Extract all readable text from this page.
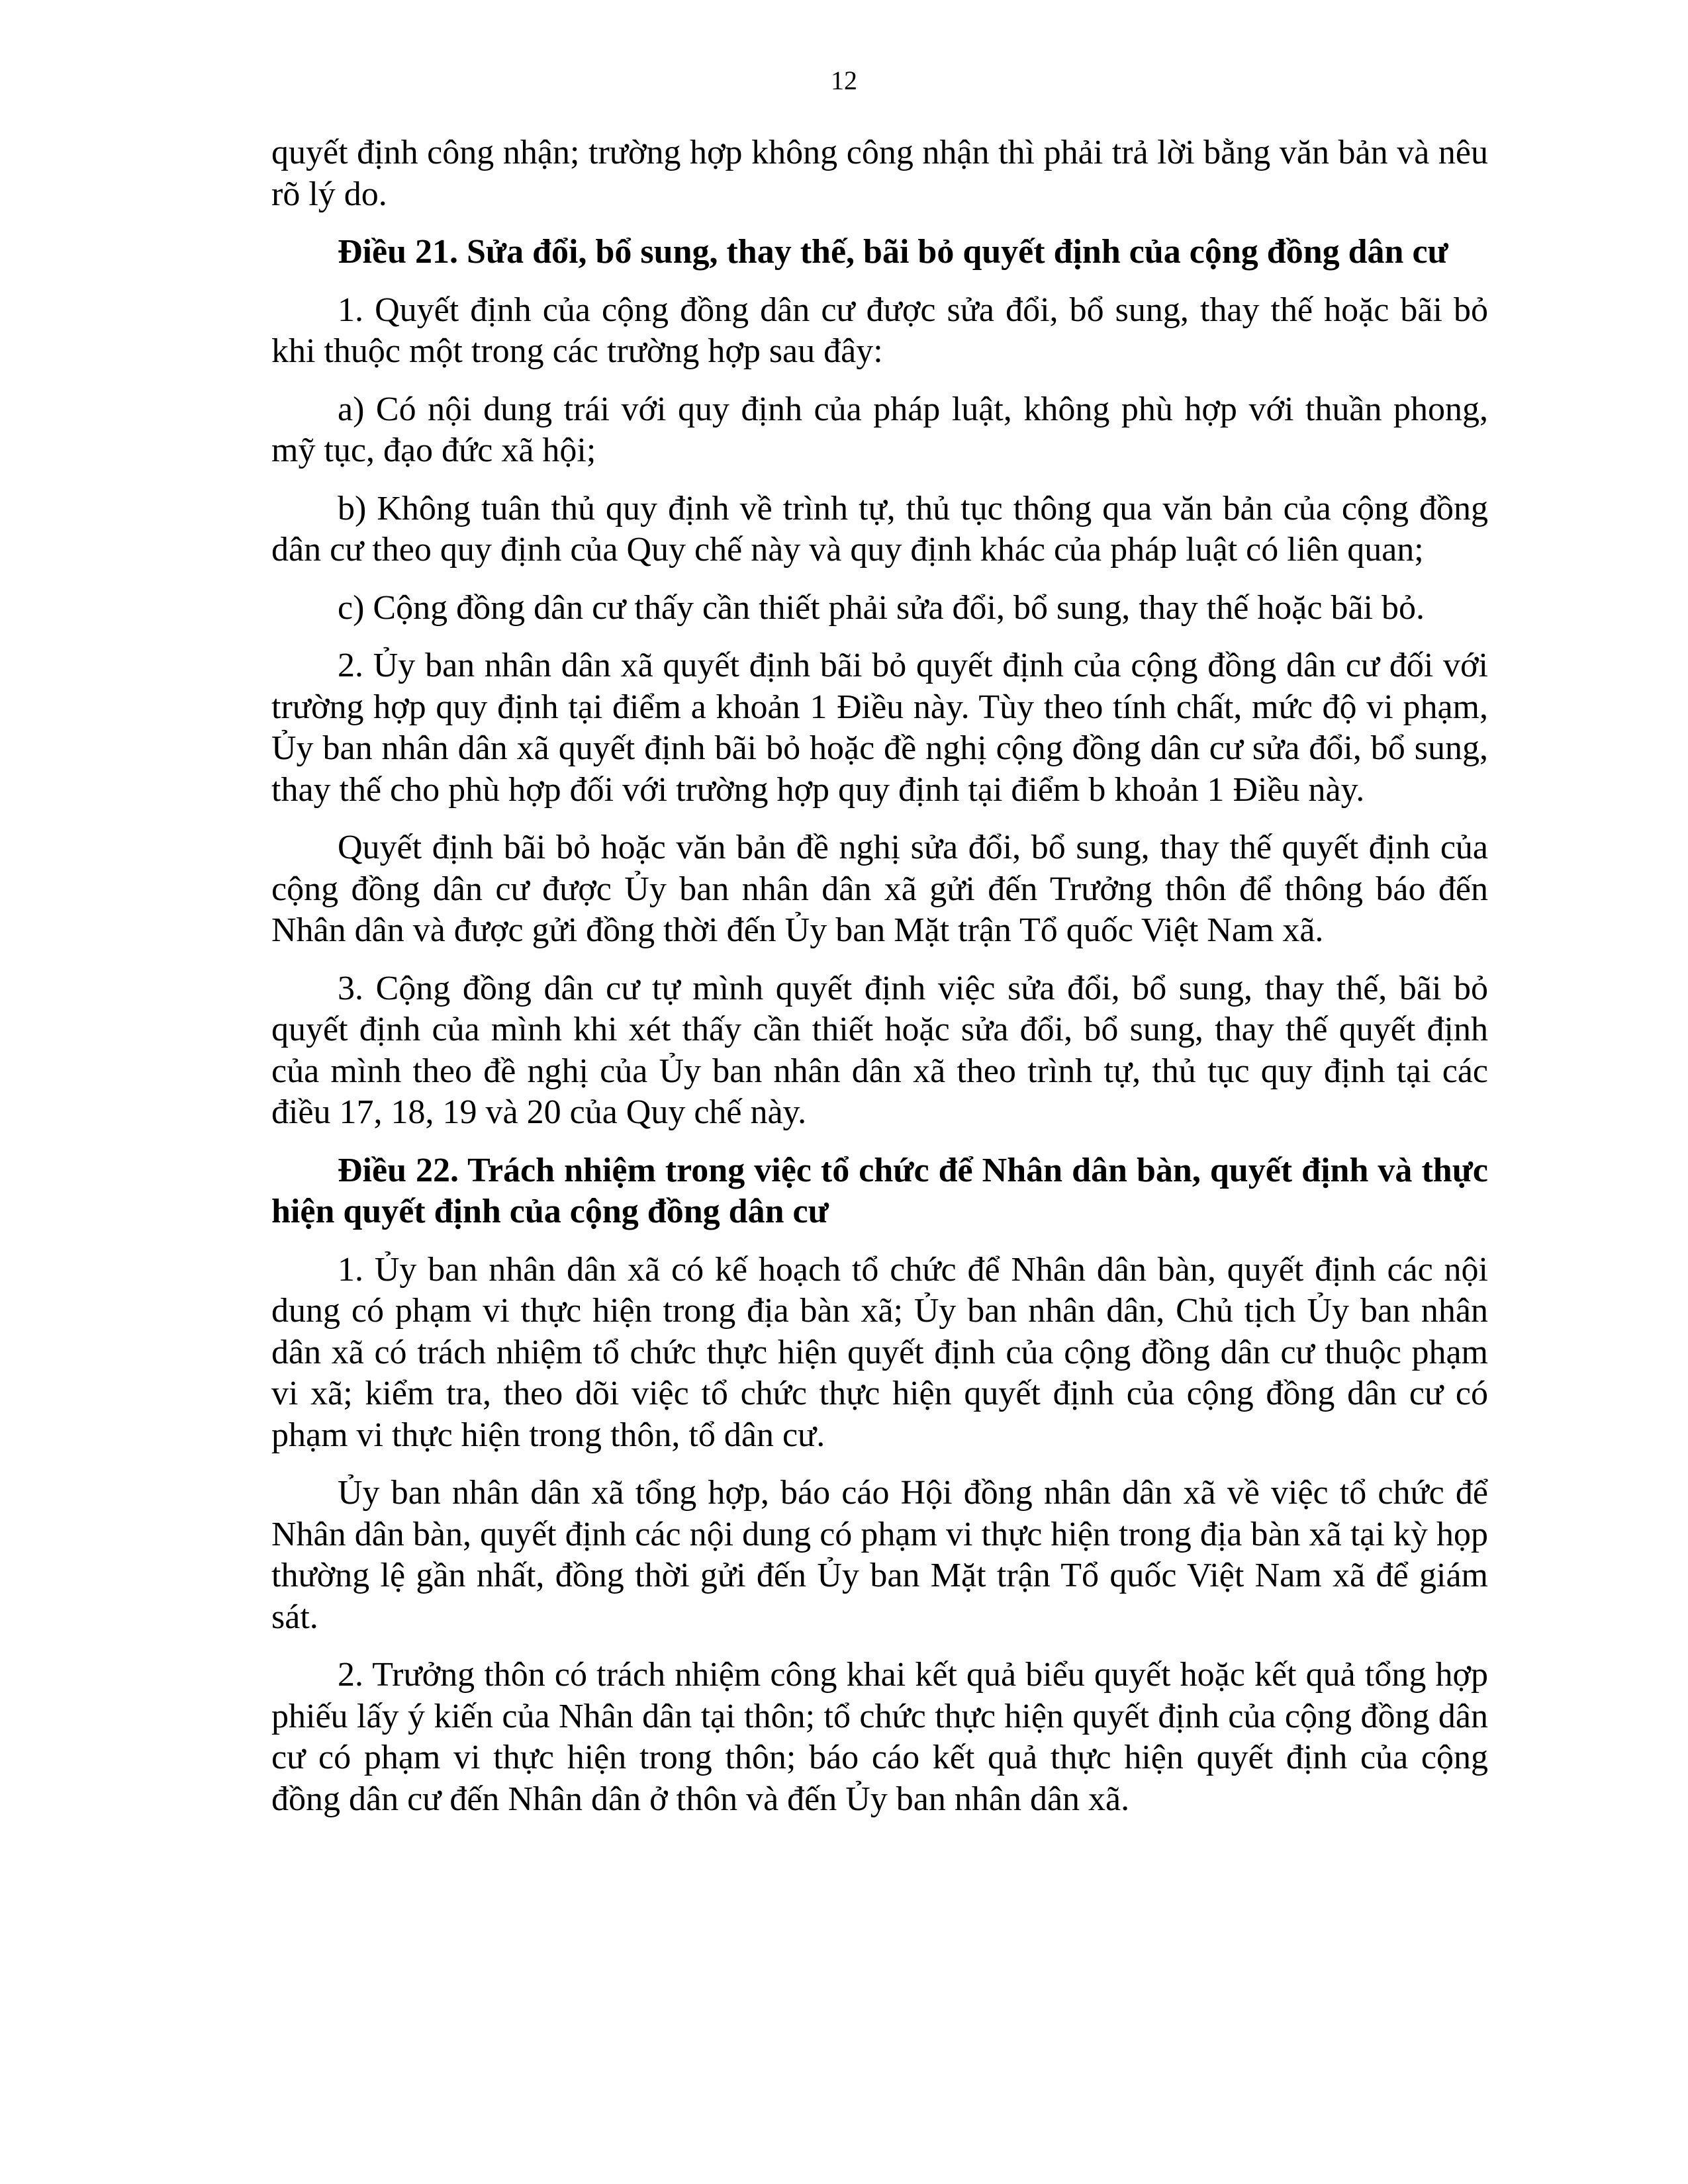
12

quyết định công nhận; trường hợp không công nhận thì phải trả lời bằng văn bản và nêu rõ lý do.

Điều 21. Sửa đổi, bổ sung, thay thế, bãi bỏ quyết định của cộng đồng dân cư

1. Quyết định của cộng đồng dân cư được sửa đổi, bổ sung, thay thế hoặc bãi bỏ khi thuộc một trong các trường hợp sau đây:

a) Có nội dung trái với quy định của pháp luật, không phù hợp với thuần phong, mỹ tục, đạo đức xã hội;

b) Không tuân thủ quy định về trình tự, thủ tục thông qua văn bản của cộng đồng dân cư theo quy định của Quy chế này và quy định khác của pháp luật có liên quan;

c) Cộng đồng dân cư thấy cần thiết phải sửa đổi, bổ sung, thay thế hoặc bãi bỏ.

2. Ủy ban nhân dân xã quyết định bãi bỏ quyết định của cộng đồng dân cư đối với trường hợp quy định tại điểm a khoản 1 Điều này. Tùy theo tính chất, mức độ vi phạm, Ủy ban nhân dân xã quyết định bãi bỏ hoặc đề nghị cộng đồng dân cư sửa đổi, bổ sung, thay thế cho phù hợp đối với trường hợp quy định tại điểm b khoản 1 Điều này.

Quyết định bãi bỏ hoặc văn bản đề nghị sửa đổi, bổ sung, thay thế quyết định của cộng đồng dân cư được Ủy ban nhân dân xã gửi đến Trưởng thôn để thông báo đến Nhân dân và được gửi đồng thời đến Ủy ban Mặt trận Tổ quốc Việt Nam xã.

3. Cộng đồng dân cư tự mình quyết định việc sửa đổi, bổ sung, thay thế, bãi bỏ quyết định của mình khi xét thấy cần thiết hoặc sửa đổi, bổ sung, thay thế quyết định của mình theo đề nghị của Ủy ban nhân dân xã theo trình tự, thủ tục quy định tại các điều 17, 18, 19 và 20 của Quy chế này.

Điều 22. Trách nhiệm trong việc tổ chức để Nhân dân bàn, quyết định và thực hiện quyết định của cộng đồng dân cư

1. Ủy ban nhân dân xã có kế hoạch tổ chức để Nhân dân bàn, quyết định các nội dung có phạm vi thực hiện trong địa bàn xã; Ủy ban nhân dân, Chủ tịch Ủy ban nhân dân xã có trách nhiệm tổ chức thực hiện quyết định của cộng đồng dân cư thuộc phạm vi xã; kiểm tra, theo dõi việc tổ chức thực hiện quyết định của cộng đồng dân cư có phạm vi thực hiện trong thôn, tổ dân cư.

Ủy ban nhân dân xã tổng hợp, báo cáo Hội đồng nhân dân xã về việc tổ chức để Nhân dân bàn, quyết định các nội dung có phạm vi thực hiện trong địa bàn xã tại kỳ họp thường lệ gần nhất, đồng thời gửi đến Ủy ban Mặt trận Tổ quốc Việt Nam xã để giám sát.

2. Trưởng thôn có trách nhiệm công khai kết quả biểu quyết hoặc kết quả tổng hợp phiếu lấy ý kiến của Nhân dân tại thôn; tổ chức thực hiện quyết định của cộng đồng dân cư có phạm vi thực hiện trong thôn; báo cáo kết quả thực hiện quyết định của cộng đồng dân cư đến Nhân dân ở thôn và đến Ủy ban nhân dân xã.
